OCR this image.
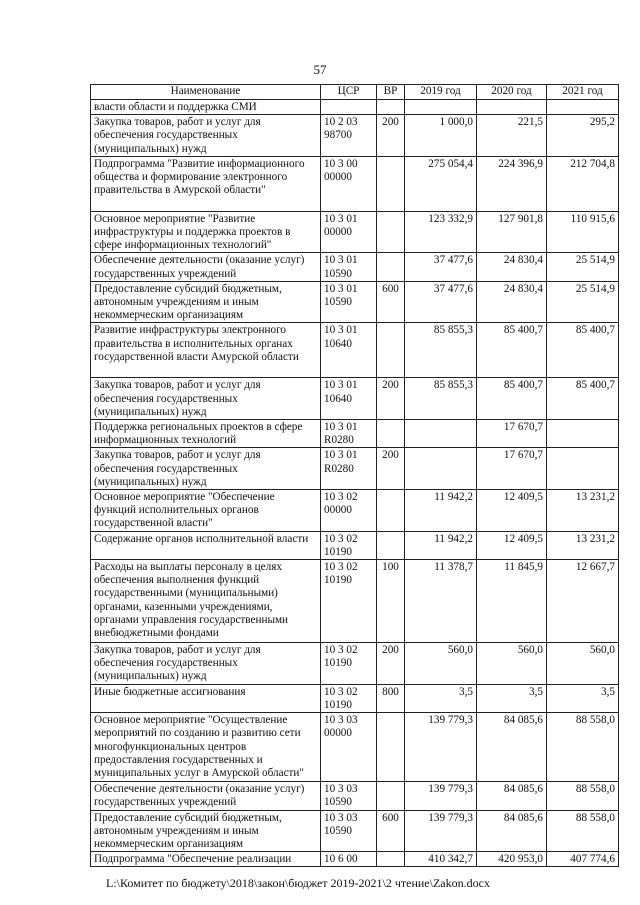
57
Наименование	ЦСР	ВР	2019 год	2020 год	2021 год
власти области и поддержка СМИ					
Закупка товаров, работ и услуг для обеспечения государственных (муниципальных) нужд	10 2 03 98700	200	1 000,0	221,5	295,2
Подпрограмма "Развитие информационного общества и формирование электронного правительства в Амурской области"	10 3 00 00000		275 054,4	224 396,9	212 704,8
Основное мероприятие "Развитие инфраструктуры и поддержка проектов в сфере информационных технологий"	10 3 01 00000		123 332,9	127 901,8	110 915,6
Обеспечение деятельности (оказание услуг) государственных учреждений	10 3 01 10590		37 477,6	24 830,4	25 514,9
Предоставление субсидий бюджетным, автономным учреждениям и иным некоммерческим организациям	10 3 01 10590	600	37 477,6	24 830,4	25 514,9
Развитие инфраструктуры электронного правительства в исполнительных органах государственной власти Амурской области	10 3 01 10640		85 855,3	85 400,7	85 400,7
Закупка товаров, работ и услуг для обеспечения государственных (муниципальных) нужд	10 3 01 10640	200	85 855,3	85 400,7	85 400,7
Поддержка региональных проектов в сфере информационных технологий	10 3 01 R0280			17 670,7	
Закупка товаров, работ и услуг для обеспечения государственных (муниципальных) нужд	10 3 01 R0280	200		17 670,7	
Основное мероприятие "Обеспечение функций исполнительных органов государственной власти"	10 3 02 00000		11 942,2	12 409,5	13 231,2
Содержание органов исполнительной власти	10 3 02 10190		11 942,2	12 409,5	13 231,2
Расходы на выплаты персоналу в целях обеспечения выполнения функций государственными (муниципальными) органами, казенными учреждениями, органами управления государственными внебюджетными фондами	10 3 02 10190	100	11 378,7	11 845,9	12 667,7
Закупка товаров, работ и услуг для обеспечения государственных (муниципальных) нужд	10 3 02 10190	200	560,0	560,0	560,0
Иные бюджетные ассигнования	10 3 02 10190	800	3,5	3,5	3,5
Основное мероприятие "Осуществление мероприятий по созданию и развитию сети многофункциональных центров предоставления государственных и муниципальных услуг в Амурской области"	10 3 03 00000		139 779,3	84 085,6	88 558,0
Обеспечение деятельности (оказание услуг) государственных учреждений	10 3 03 10590		139 779,3	84 085,6	88 558,0
Предоставление субсидий бюджетным, автономным учреждениям и иным некоммерческим организациям	10 3 03 10590	600	139 779,3	84 085,6	88 558,0
Подпрограмма "Обеспечение реализации	10 6 00		410 342,7	420 953,0	407 774,6
L:\Комитет по бюджету\2018\закон\бюджет 2019-2021\2 чтение\Zakon.docx
